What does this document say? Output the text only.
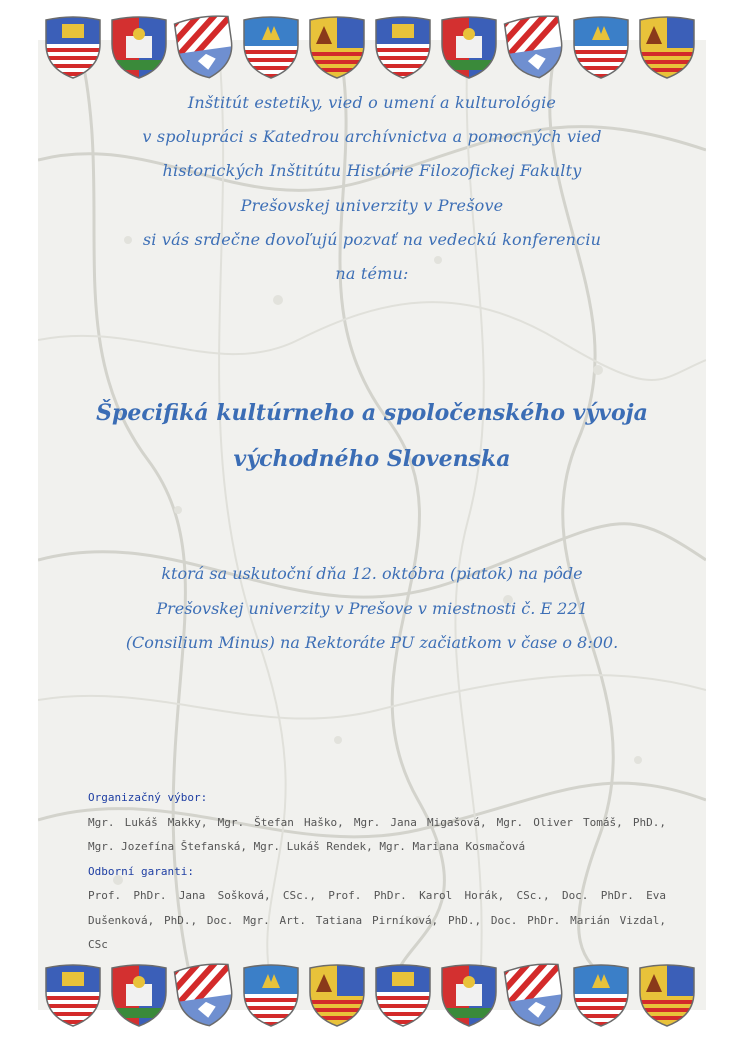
Inštitút estetiky, vied o umení a kulturológie
v spolupráci s Katedrou archívnictva a pomocných vied
historických Inštitútu Histórie Filozofickej Fakulty
Prešovskej univerzity v Prešove
si vás srdečne dovoľujú pozvať na vedeckú konferenciu
na tému:
Špecifiká kultúrneho a spoločenského vývoja
východného Slovenska
ktorá sa uskutoční dňa 12. októbra (piatok) na pôde
Prešovskej univerzity v Prešove v miestnosti č. E 221
(Consilium Minus) na Rektoráte PU začiatkom v čase o 8:00.
Organizačný výbor:
Mgr. Lukáš Makky, Mgr. Štefan Haško, Mgr. Jana Migašová, Mgr. Oliver Tomáš, PhD.,
Mgr. Jozefína Štefanská, Mgr. Lukáš Rendek, Mgr. Mariana Kosmačová
Odborní garanti:
Prof. PhDr. Jana Sošková, CSc., Prof. PhDr. Karol Horák, CSc., Doc. PhDr. Eva
Dušenková, PhD., Doc. Mgr. Art. Tatiana Pirníková, PhD., Doc. PhDr. Marián Vizdal,
CSc
